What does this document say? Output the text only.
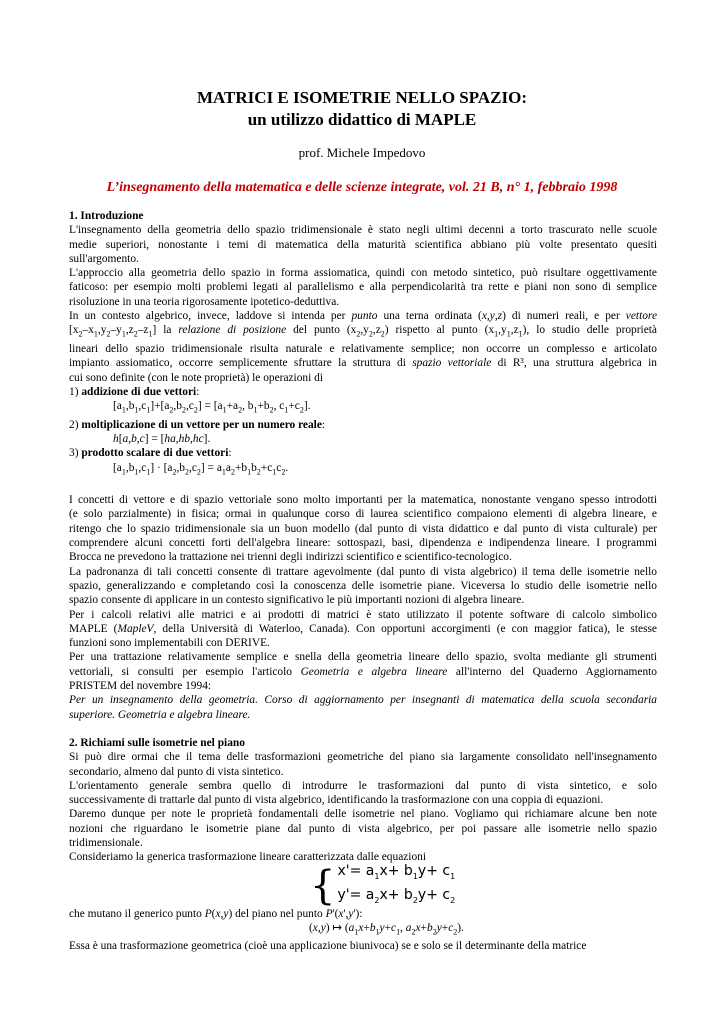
MATRICI E ISOMETRIE NELLO SPAZIO:
un utilizzo didattico di MAPLE
prof. Michele Impedovo
L’insegnamento della matematica e delle scienze integrate, vol. 21 B, n° 1, febbraio 1998

1. Introduzione

L'insegnamento della geometria dello spazio tridimensionale è stato negli ultimi decenni a torto trascurato nelle scuole

medie superiori, nonostante i temi di matematica della maturità scientifica abbiano più volte presentato quesiti

sull'argomento.

L'approccio alla geometria dello spazio in forma assiomatica, quindi con metodo sintetico, può risultare oggettivamente

faticoso: per esempio molti problemi legati al parallelismo e alla perpendicolarità tra rette e piani non sono di semplice

risoluzione in una teoria rigorosamente ipotetico-deduttiva.

In un contesto algebrico, invece, laddove si intenda per punto una terna ordinata (x,y,z) di numeri reali, e per vettore

$[x_2-x_1,y_2-y_1,z_2-z_1]$ la relazione di posizione del punto $(x_2,y_2,z_2)$ rispetto al punto $(x_1,y_1,z_1)$, lo studio delle proprietà

lineari dello spazio tridimensionale risulta naturale e relativamente semplice; non occorre un complesso e articolato

impianto assiomatico, occorre semplicemente sfruttare la struttura di spazio vettoriale di R³, una struttura algebrica in

cui sono definite (con le note proprietà) le operazioni di

1) addizione di due vettori:

$[a_1,b_1,c_1]+[a_2,b_2,c_2] = [a_1+a_2$, $b_1+b_2$, $c_1+c_2$].

2) moltiplicazione di un vettore per un numero reale:

h[a,b,c] = [ha,hb,hc].

3) prodotto scalare di due vettori:

$[a_1,b_1,c_1] \cdot [a_2,b_2,c_2] = a_1a_2+b_1b_2+c_1c_2$.

I concetti di vettore e di spazio vettoriale sono molto importanti per la matematica, nonostante vengano spesso introdotti

(e solo parzialmente) in fisica; ormai in qualunque corso di laurea scientifico compaiono elementi di algebra lineare, e

ritengo che lo spazio tridimensionale sia un buon modello (dal punto di vista didattico e dal punto di vista culturale) per

comprendere alcuni concetti forti dell'algebra lineare: sottospazi, basi, dipendenza e indipendenza lineare. I programmi

Brocca ne prevedono la trattazione nei trienni degli indirizzi scientifico e scientifico-tecnologico.

La padronanza di tali concetti consente di trattare agevolmente (dal punto di vista algebrico) il tema delle isometrie nello

spazio, generalizzando e completando così la conoscenza delle isometrie piane. Viceversa lo studio delle isometrie nello

spazio consente di applicare in un contesto significativo le più importanti nozioni di algebra lineare.

Per i calcoli relativi alle matrici e ai prodotti di matrici è stato utilizzato il potente software di calcolo simbolico

MAPLE (MapleV, della Università di Waterloo, Canada). Con opportuni accorgimenti (e con maggior fatica), le stesse

funzioni sono implementabili con DERIVE.

Per una trattazione relativamente semplice e snella della geometria lineare dello spazio, svolta mediante gli strumenti

vettoriali, si consulti per esempio l'articolo Geometria e algebra lineare all'interno del Quaderno Aggiornamento

PRISTEM del novembre 1994:

Per un insegnamento della geometria. Corso di aggiornamento per insegnanti di matematica della scuola secondaria

superiore. Geometria e algebra lineare.

2. Richiami sulle isometrie nel piano

Si può dire ormai che il tema delle trasformazioni geometriche del piano sia largamente consolidato nell'insegnamento

secondario, almeno dal punto di vista sintetico.

L'orientamento generale sembra quello di introdurre le trasformazioni dal punto di vista sintetico, e solo

successivamente di trattarle dal punto di vista algebrico, identificando la trasformazione con una coppia di equazioni.

Daremo dunque per note le proprietà fondamentali delle isometrie nel piano. Vogliamo qui richiamare alcune ben note

nozioni che riguardano le isometrie piane dal punto di vista algebrico, per poi passare alle isometrie nello spazio

tridimensionale.

Consideriamo la generica trasformazione lineare caratterizzata dalle equazioni

{ $x'= a_1x+ b_1y+ c_1$
$y'= a_2x+ b_2y+ c_2$

che mutano il generico punto P(x,y) del piano nel punto P'(x',y'):

(x,y) ↦ ($a_1x+b_1y+c_1$, $a_2x+b_2y+c_2$).

Essa è una trasformazione geometrica (cioè una applicazione biunivoca) se e solo se il determinante della matrice
